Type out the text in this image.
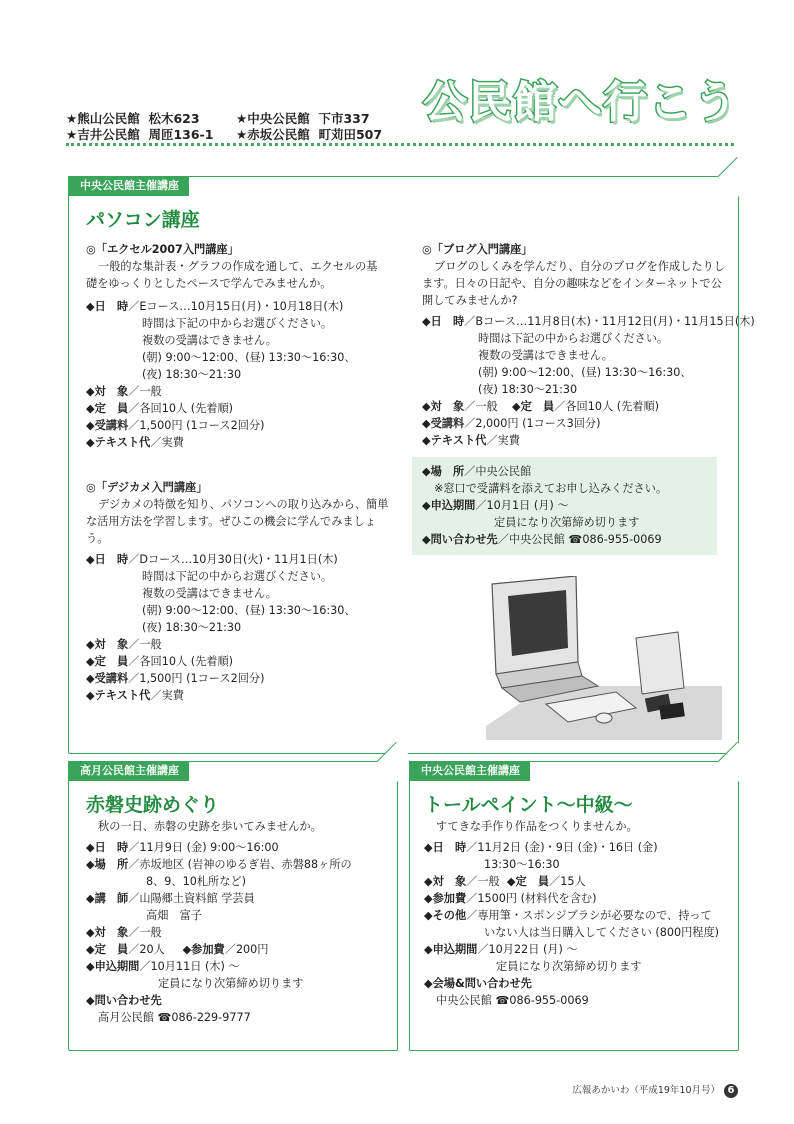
★熊山公民館 松木623
★吉井公民館 周匝136-1
★中央公民館 下市337
★赤坂公民館 町苅田507
公民館へ行こう
中央公民館主催講座
パソコン講座
◎「エクセル2007入門講座」
一般的な集計表・グラフの作成を通して、エクセルの基
礎をゆっくりとしたペースで学んでみませんか。
◆日　時／Eコース…10月15日(月)・10月18日(木)
時間は下記の中からお選びください。
複数の受講はできません。
(朝) 9:00～12:00、(昼) 13:30～16:30、
(夜) 18:30～21:30
◆対　象／一般
◆定　員／各回10人 (先着順)
◆受講料／1,500円 (1コース2回分)
◆テキスト代／実費
◎「デジカメ入門講座」
デジカメの特徴を知り、パソコンへの取り込みから、簡単
な活用方法を学習します。ぜひこの機会に学んでみましょ
う。
◆日　時／Dコース…10月30日(火)・11月1日(木)
時間は下記の中からお選びください。
複数の受講はできません。
(朝) 9:00～12:00、(昼) 13:30～16:30、
(夜) 18:30～21:30
◆対　象／一般
◆定　員／各回10人 (先着順)
◆受講料／1,500円 (1コース2回分)
◆テキスト代／実費
◎「ブログ入門講座」
ブログのしくみを学んだり、自分のブログを作成したりし
ます。日々の日記や、自分の趣味などをインターネットで公
開してみませんか?
◆日　時／Bコース…11月8日(木)・11月12日(月)・11月15日(木)
時間は下記の中からお選びください。
複数の受講はできません。
(朝) 9:00～12:00、(昼) 13:30～16:30、
(夜) 18:30～21:30
◆対　象／一般 ◆定　員／各回10人 (先着順)
◆受講料／2,000円 (1コース3回分)
◆テキスト代／実費
◆場　所／中央公民館
※窓口で受講料を添えてお申し込みください。
◆申込期間／10月1日 (月) ～
定員になり次第締め切ります
◆問い合わせ先／中央公民館 ☎086-955-0069
高月公民館主催講座
赤磐史跡めぐり
秋の一日、赤磐の史跡を歩いてみませんか。
◆日　時／11月9日 (金) 9:00～16:00
◆場　所／赤坂地区 (岩神のゆるぎ岩、赤磐88ヶ所の
8、9、10札所など)
◆講　師／山陽郷土資料館 学芸員
高畑　富子
◆対　象／一般
◆定　員／20人 ◆参加費／200円
◆申込期間／10月11日 (木) ～
定員になり次第締め切ります
◆問い合わせ先
高月公民館 ☎086-229-9777
中央公民館主催講座
トールペイント～中級～
すてきな手作り作品をつくりませんか。
◆日　時／11月2日 (金)・9日 (金)・16日 (金)
13:30～16:30
◆対　象／一般 ◆定　員／15人
◆参加費／1500円 (材料代を含む)
◆その他／専用筆・スポンジブラシが必要なので、持って
いない人は当日購入してください (800円程度)
◆申込期間／10月22日 (月) ～
定員になり次第締め切ります
◆会場&問い合わせ先
中央公民館 ☎086-955-0069
広報あかいわ（平成19年10月号） 6
